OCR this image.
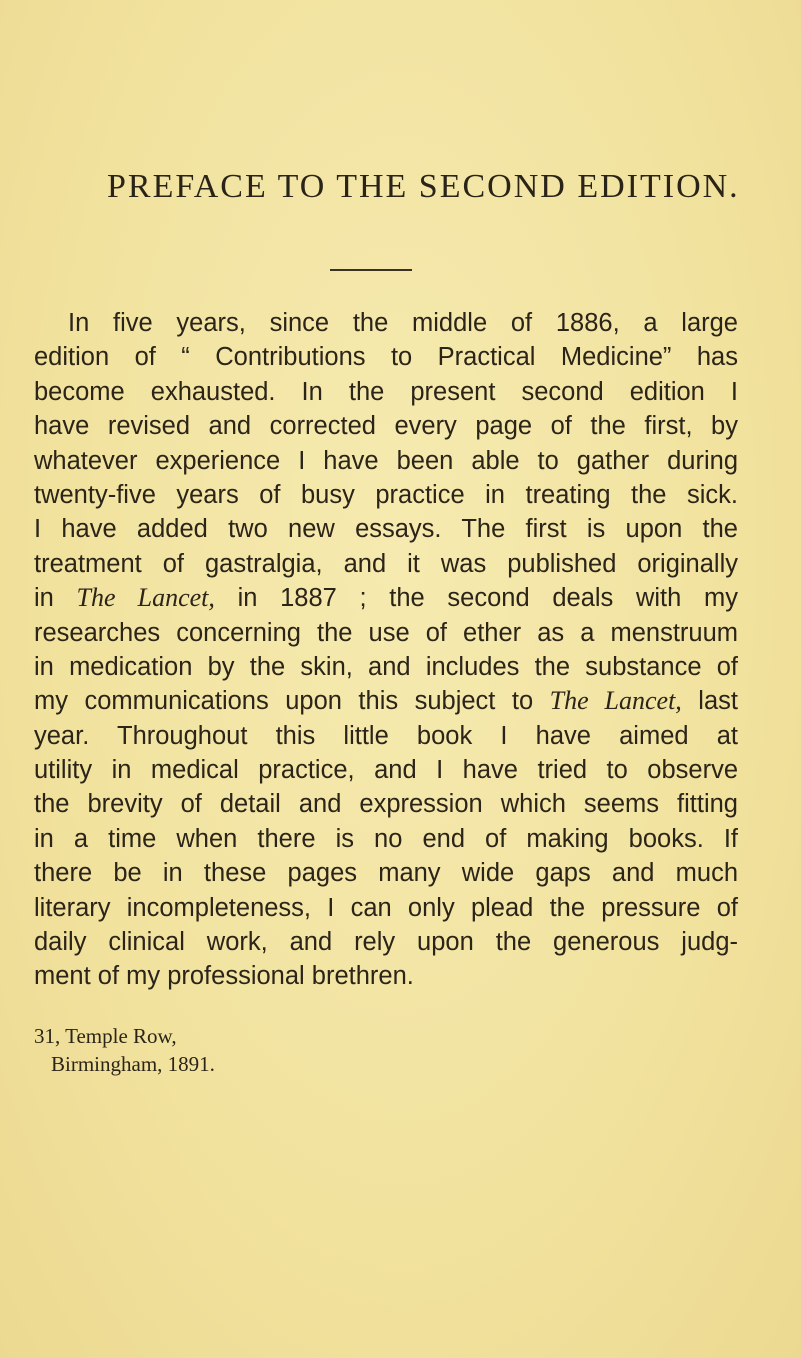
PREFACE TO THE SECOND EDITION.
In five years, since the middle of 1886, a large
edition of “ Contributions to Practical Medicine” has
become exhausted. In the present second edition I
have revised and corrected every page of the first, by
whatever experience I have been able to gather during
twenty-five years of busy practice in treating the sick.
I have added two new essays. The first is upon the
treatment of gastralgia, and it was published originally
in The Lancet, in 1887 ; the second deals with my
researches concerning the use of ether as a menstruum
in medication by the skin, and includes the substance of
my communications upon this subject to The Lancet, last
year. Throughout this little book I have aimed at
utility in medical practice, and I have tried to observe
the brevity of detail and expression which seems fitting
in a time when there is no end of making books. If
there be in these pages many wide gaps and much
literary incompleteness, I can only plead the pressure of
daily clinical work, and rely upon the generous judg-
ment of my professional brethren.
31, Temple Row,
Birmingham, 1891.
